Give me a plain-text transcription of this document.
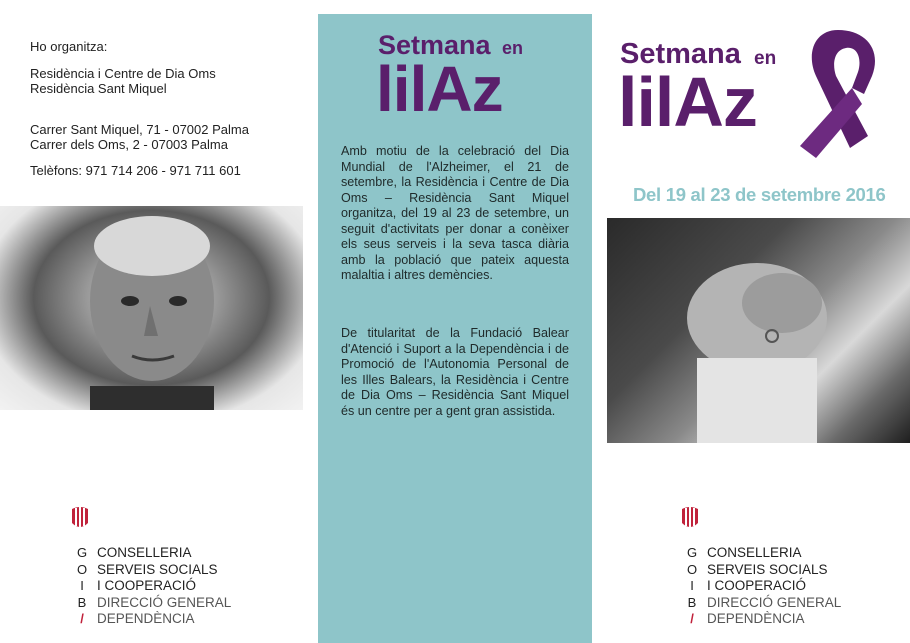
Ho organitza:
Residència i Centre de Dia Oms
Residència Sant Miquel
Carrer Sant Miquel, 71 - 07002 Palma
Carrer dels Oms, 2 - 07003 Palma
Telèfons: 971 714 206 - 971 711 601
Setmana en
lilAz
Amb motiu de la celebració del Dia Mundial de l'Alzheimer, el 21 de setembre, la Residència i Centre de Dia Oms – Residència Sant Miquel organitza, del 19 al 23 de setembre, un seguit d'activitats per donar a conèixer els seus serveis i la seva tasca diària amb la població que pateix aquesta malaltia i altres demències.
De titularitat de la Fundació Balear d'Atenció i Suport a la Dependència i de Promoció de l'Autonomia Personal de les Illes Balears, la Residència i Centre de Dia Oms – Residència Sant Miquel és un centre per a gent gran assistida.
Setmana en
lilAz
Del 19 al 23 de setembre 2016
G
O
I
B
/
CONSELLERIA
SERVEIS SOCIALS
I COOPERACIÓ
DIRECCIÓ GENERAL
DEPENDÈNCIA
G
O
I
B
/
CONSELLERIA
SERVEIS SOCIALS
I COOPERACIÓ
DIRECCIÓ GENERAL
DEPENDÈNCIA
